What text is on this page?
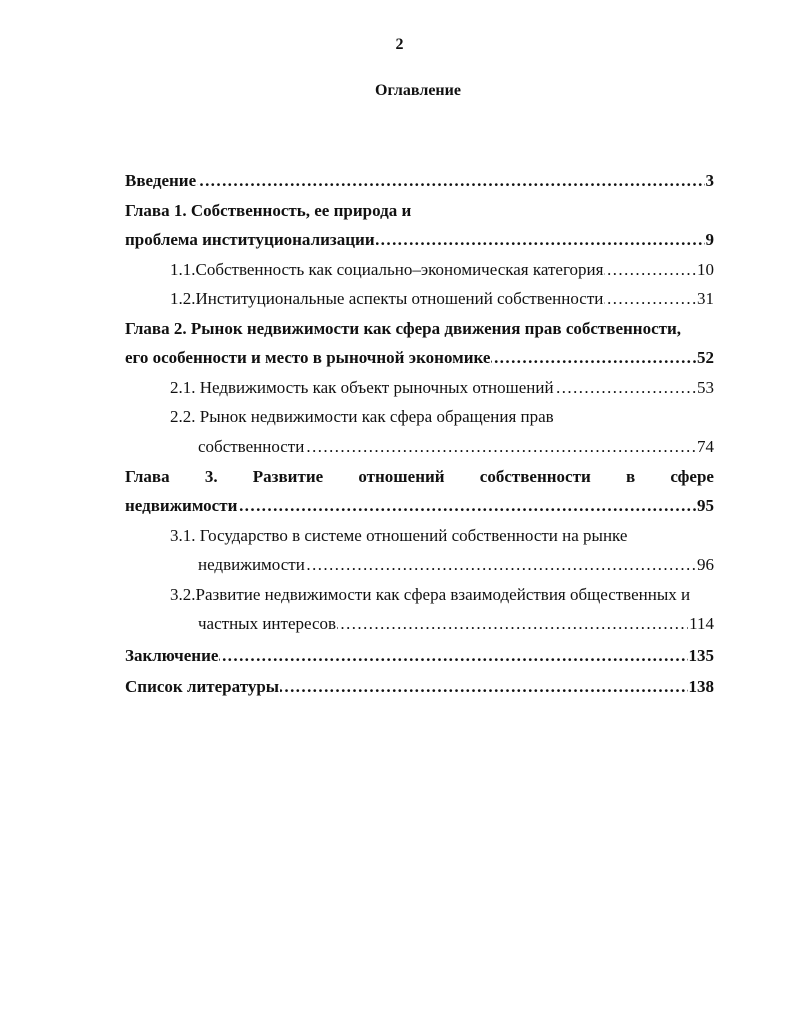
2
Оглавление
…………………………………………………………………………………………………………………………………………………… Введение	3
Глава 1. Собственность, ее природа и
…………………………………………………………………………………………………………………………………………………… проблема институционализации	9
…………………………………………………………………………………………………………………………………………………… 1.1.Собственность как социально–экономическая категория	10
…………………………………………………………………………………………………………………………………………………… 1.2.Институциональные аспекты отношений собственности	31
Глава 2. Рынок недвижимости как сфера движения прав собственности,
…………………………………………………………………………………………………………………………………………………… его особенности и место в рыночной экономике	52
…………………………………………………………………………………………………………………………………………………… 2.1. Недвижимость как объект рыночных отношений	53
2.2. Рынок недвижимости как сфера обращения прав
…………………………………………………………………………………………………………………………………………………… собственности	74
Глава 3. Развитие отношений собственности в сфере
…………………………………………………………………………………………………………………………………………………… недвижимости	95
3.1. Государство в системе отношений собственности на рынке
…………………………………………………………………………………………………………………………………………………… недвижимости	96
3.2.Развитие недвижимости как сфера взаимодействия общественных и
…………………………………………………………………………………………………………………………………………………… частных интересов	114
…………………………………………………………………………………………………………………………………………………… Заключение	135
…………………………………………………………………………………………………………………………………………………… Список литературы	138
